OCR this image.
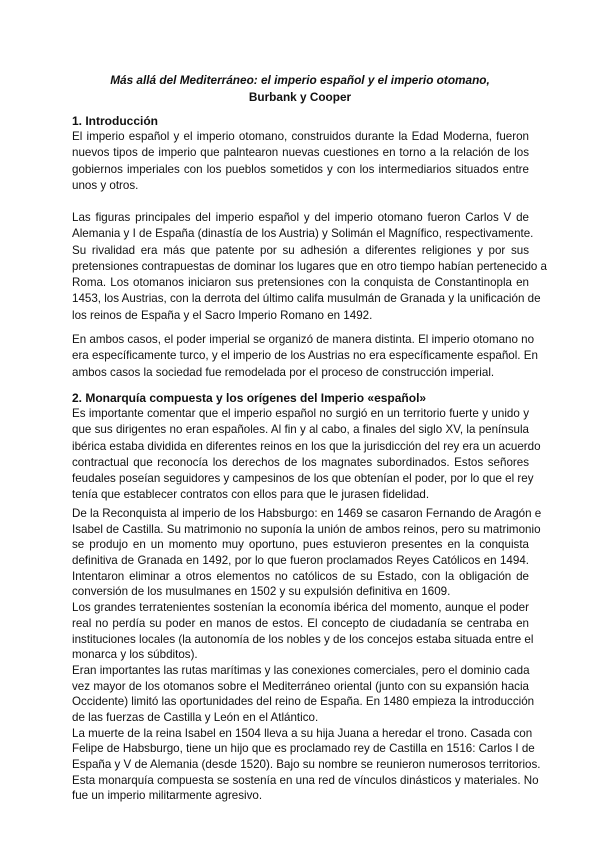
Más allá del Mediterráneo: el imperio español y el imperio otomano,
Burbank y Cooper
1. Introducción
El imperio español y el imperio otomano, construidos durante la Edad Moderna, fueron
nuevos tipos de imperio que palntearon nuevas cuestiones en torno a la relación de los
gobiernos imperiales con los pueblos sometidos y con los intermediarios situados entre
unos y otros.
Las figuras principales del imperio español y del imperio otomano fueron Carlos V de
Alemania y I de España (dinastía de los Austria) y Solimán el Magnífico, respectivamente.
Su rivalidad era más que patente por su adhesión a diferentes religiones y por sus
pretensiones contrapuestas de dominar los lugares que en otro tiempo habían pertenecido a
Roma. Los otomanos iniciaron sus pretensiones con la conquista de Constantinopla en
1453, los Austrias, con la derrota del último califa musulmán de Granada y la unificación de
los reinos de España y el Sacro Imperio Romano en 1492.
En ambos casos, el poder imperial se organizó de manera distinta. El imperio otomano no
era específicamente turco, y el imperio de los Austrias no era específicamente español. En
ambos casos la sociedad fue remodelada por el proceso de construcción imperial.
2. Monarquía compuesta y los orígenes del Imperio «español»
Es importante comentar que el imperio español no surgió en un territorio fuerte y unido y
que sus dirigentes no eran españoles. Al fin y al cabo, a finales del siglo XV, la península
ibérica estaba dividida en diferentes reinos en los que la jurisdicción del rey era un acuerdo
contractual que reconocía los derechos de los magnates subordinados. Estos señores
feudales poseían seguidores y campesinos de los que obtenían el poder, por lo que el rey
tenía que establecer contratos con ellos para que le jurasen fidelidad.
De la Reconquista al imperio de los Habsburgo: en 1469 se casaron Fernando de Aragón e
Isabel de Castilla. Su matrimonio no suponía la unión de ambos reinos, pero su matrimonio
se produjo en un momento muy oportuno, pues estuvieron presentes en la conquista
definitiva de Granada en 1492, por lo que fueron proclamados Reyes Católicos en 1494.
Intentaron eliminar a otros elementos no católicos de su Estado, con la obligación de
conversión de los musulmanes en 1502 y su expulsión definitiva en 1609.
Los grandes terratenientes sostenían la economía ibérica del momento, aunque el poder
real no perdía su poder en manos de estos. El concepto de ciudadanía se centraba en
instituciones locales (la autonomía de los nobles y de los concejos estaba situada entre el
monarca y los súbditos).
Eran importantes las rutas marítimas y las conexiones comerciales, pero el dominio cada
vez mayor de los otomanos sobre el Mediterráneo oriental (junto con su expansión hacia
Occidente) limitó las oportunidades del reino de España. En 1480 empieza la introducción
de las fuerzas de Castilla y León en el Atlántico.
La muerte de la reina Isabel en 1504 lleva a su hija Juana a heredar el trono. Casada con
Felipe de Habsburgo, tiene un hijo que es proclamado rey de Castilla en 1516: Carlos I de
España y V de Alemania (desde 1520). Bajo su nombre se reunieron numerosos territorios.
Esta monarquía compuesta se sostenía en una red de vínculos dinásticos y materiales. No
fue un imperio militarmente agresivo.
